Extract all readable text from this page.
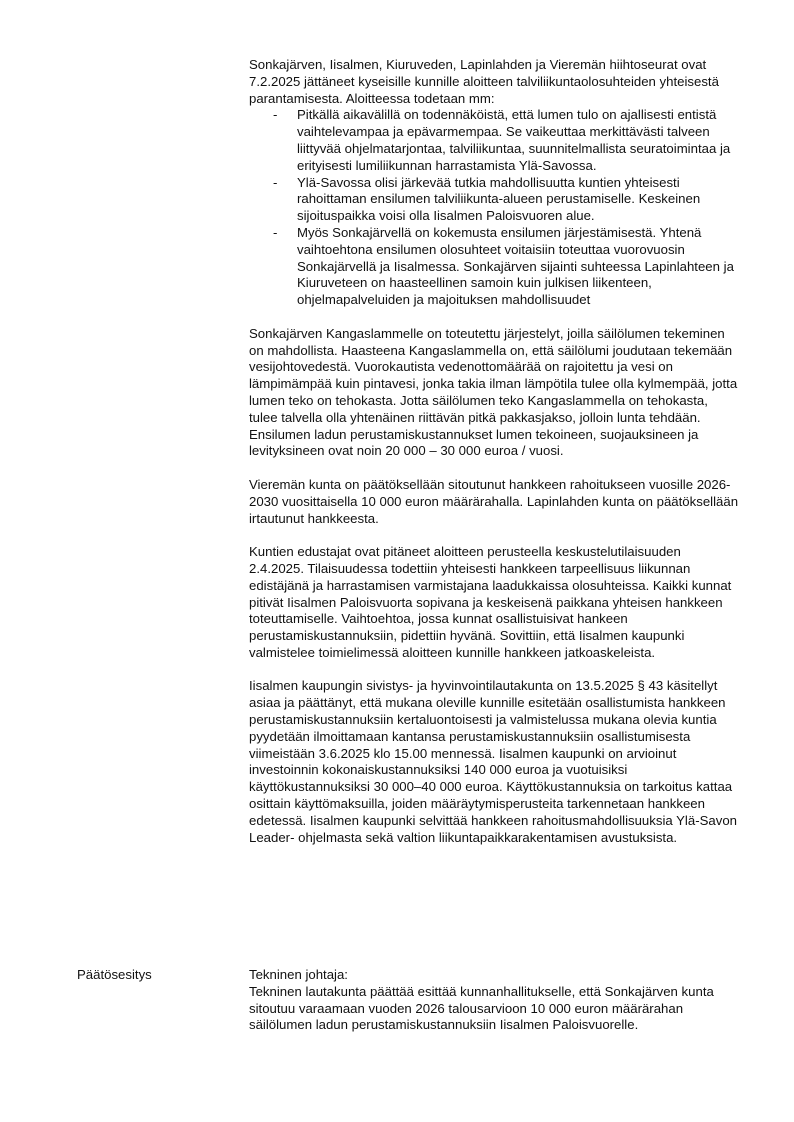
Sonkajärven, Iisalmen, Kiuruveden, Lapinlahden ja Vieremän hiihtoseurat ovat 7.2.2025 jättäneet kyseisille kunnille aloitteen talviliikuntaolosuhteiden yhteisestä parantamisesta. Aloitteessa todetaan mm:

- Pitkällä aikavälillä on todennäköistä, että lumen tulo on ajallisesti entistä vaihtelevampaa ja epävarmempaa. Se vaikeuttaa merkittävästi talveen liittyvää ohjelmatarjontaa, talviliikuntaa, suunnitelmallista seuratoimintaa ja erityisesti lumiliikunnan harrastamista Ylä-Savossa.
- Ylä-Savossa olisi järkevää tutkia mahdollisuutta kuntien yhteisesti rahoittaman ensilumen talviliikunta-alueen perustamiselle. Keskeinen sijoituspaikka voisi olla Iisalmen Paloisvuoren alue.
- Myös Sonkajärvellä on kokemusta ensilumen järjestämisestä. Yhtenä vaihtoehtona ensilumen olosuhteet voitaisiin toteuttaa vuorovuosin Sonkajärvellä ja Iisalmessa. Sonkajärven sijainti suhteessa Lapinlahteen ja Kiuruveteen on haasteellinen samoin kuin julkisen liikenteen, ohjelmapalveluiden ja majoituksen mahdollisuudet

Sonkajärven Kangaslammelle on toteutettu järjestelyt, joilla säilölumen tekeminen on mahdollista. Haasteena Kangaslammella on, että säilölumi joudutaan tekemään vesijohtovedestä. Vuorokautista vedenottomäärää on rajoitettu ja vesi on lämpimämpää kuin pintavesi, jonka takia ilman lämpötila tulee olla kylmempää, jotta lumen teko on tehokasta. Jotta säilölumen teko Kangaslammella on tehokasta, tulee talvella olla yhtenäinen riittävän pitkä pakkasjakso, jolloin lunta tehdään. Ensilumen ladun perustamiskustannukset lumen tekoineen, suojauksineen ja levityksineen ovat noin 20 000 – 30 000 euroa / vuosi.

Vieremän kunta on päätöksellään sitoutunut hankkeen rahoitukseen vuosille 2026-2030 vuosittaisella 10 000 euron määrärahalla. Lapinlahden kunta on päätöksellään irtautunut hankkeesta.

Kuntien edustajat ovat pitäneet aloitteen perusteella keskustelutilaisuuden 2.4.2025. Tilaisuudessa todettiin yhteisesti hankkeen tarpeellisuus liikunnan edistäjänä ja harrastamisen varmistajana laadukkaissa olosuhteissa. Kaikki kunnat pitivät Iisalmen Paloisvuorta sopivana ja keskeisenä paikkana yhteisen hankkeen toteuttamiselle. Vaihtoehtoa, jossa kunnat osallistuisivat hankeen perustamiskustannuksiin, pidettiin hyvänä. Sovittiin, että Iisalmen kaupunki valmistelee toimielimessä aloitteen kunnille hankkeen jatkoaskeleista.

Iisalmen kaupungin sivistys- ja hyvinvointilautakunta on 13.5.2025 § 43 käsitellyt asiaa ja päättänyt, että mukana oleville kunnille esitetään osallistumista hankkeen perustamiskustannuksiin kertaluontoisesti ja valmistelussa mukana olevia kuntia pyydetään ilmoittamaan kantansa perustamiskustannuksiin osallistumisesta viimeistään 3.6.2025 klo 15.00 mennessä. Iisalmen kaupunki on arvioinut investoinnin kokonaiskustannuksiksi 140 000 euroa ja vuotuisiksi käyttökustannuksiksi 30 000–40 000 euroa. Käyttökustannuksia on tarkoitus kattaa osittain käyttömaksuilla, joiden määräytymisperusteita tarkennetaan hankkeen edetessä. Iisalmen kaupunki selvittää hankkeen rahoitusmahdollisuuksia Ylä-Savon Leader- ohjelmasta sekä valtion liikuntapaikkarakentamisen avustuksista.

Päätösesitys	Tekninen johtaja:

Tekninen lautakunta päättää esittää kunnanhallitukselle, että Sonkajärven kunta sitoutuu varaamaan vuoden 2026 talousarvioon 10 000 euron määrärahan säilölumen ladun perustamiskustannuksiin Iisalmen Paloisvuorelle.
